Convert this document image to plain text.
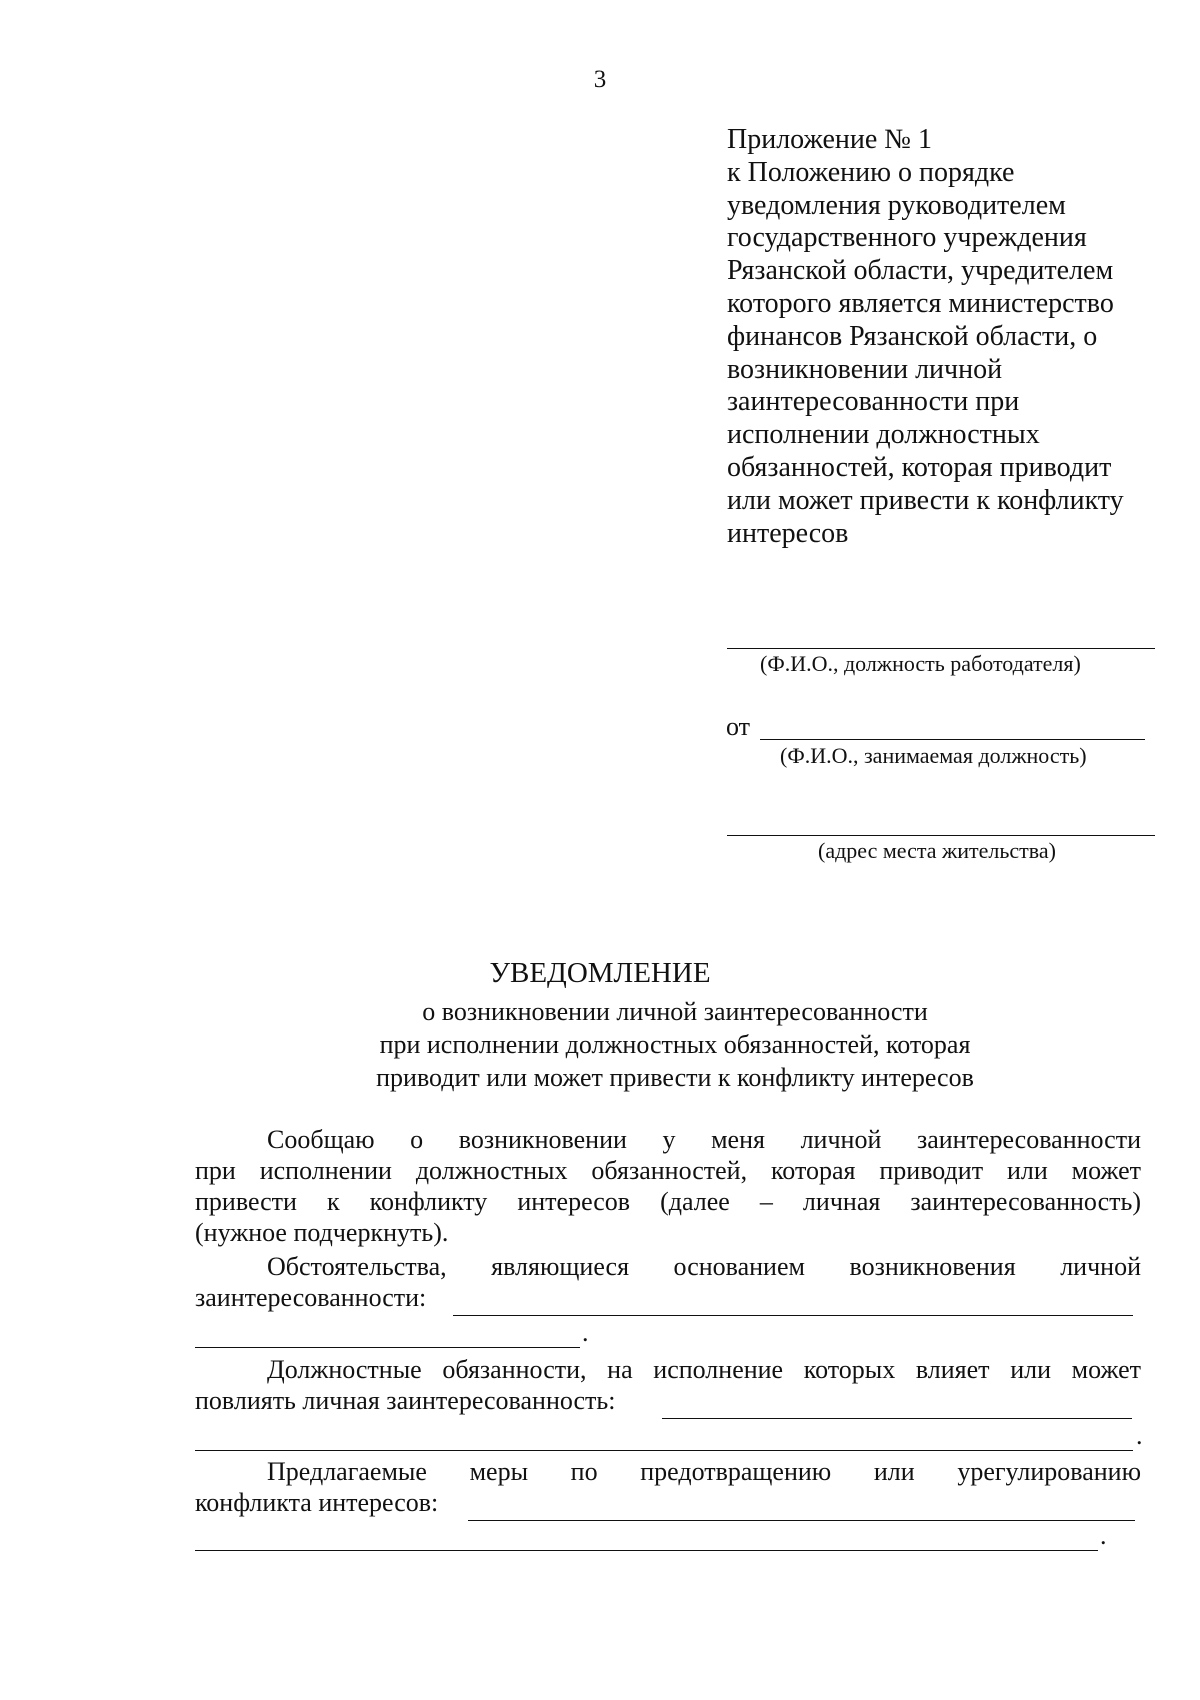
3
Приложение № 1
к Положению о порядке
уведомления руководителем
государственного учреждения
Рязанской области, учредителем
которого является министерство
финансов Рязанской области, о
возникновении личной
заинтересованности при
исполнении должностных
обязанностей, которая приводит
или может привести к конфликту
интересов
(Ф.И.О., должность работодателя)
от
(Ф.И.О., занимаемая должность)
(адрес места жительства)
УВЕДОМЛЕНИЕ
о возникновении личной заинтересованности
при исполнении должностных обязанностей, которая
приводит или может привести к конфликту интересов
Сообщаю о возникновении у меня личной заинтересованности
при исполнении должностных обязанностей, которая приводит или может
привести к конфликту интересов (далее – личная заинтересованность)
(нужное подчеркнуть).
Обстоятельства, являющиеся основанием возникновения личной
заинтересованности:
.
Должностные обязанности, на исполнение которых влияет или может
повлиять личная заинтересованность:
.
Предлагаемые меры по предотвращению или урегулированию
конфликта интересов:
.
